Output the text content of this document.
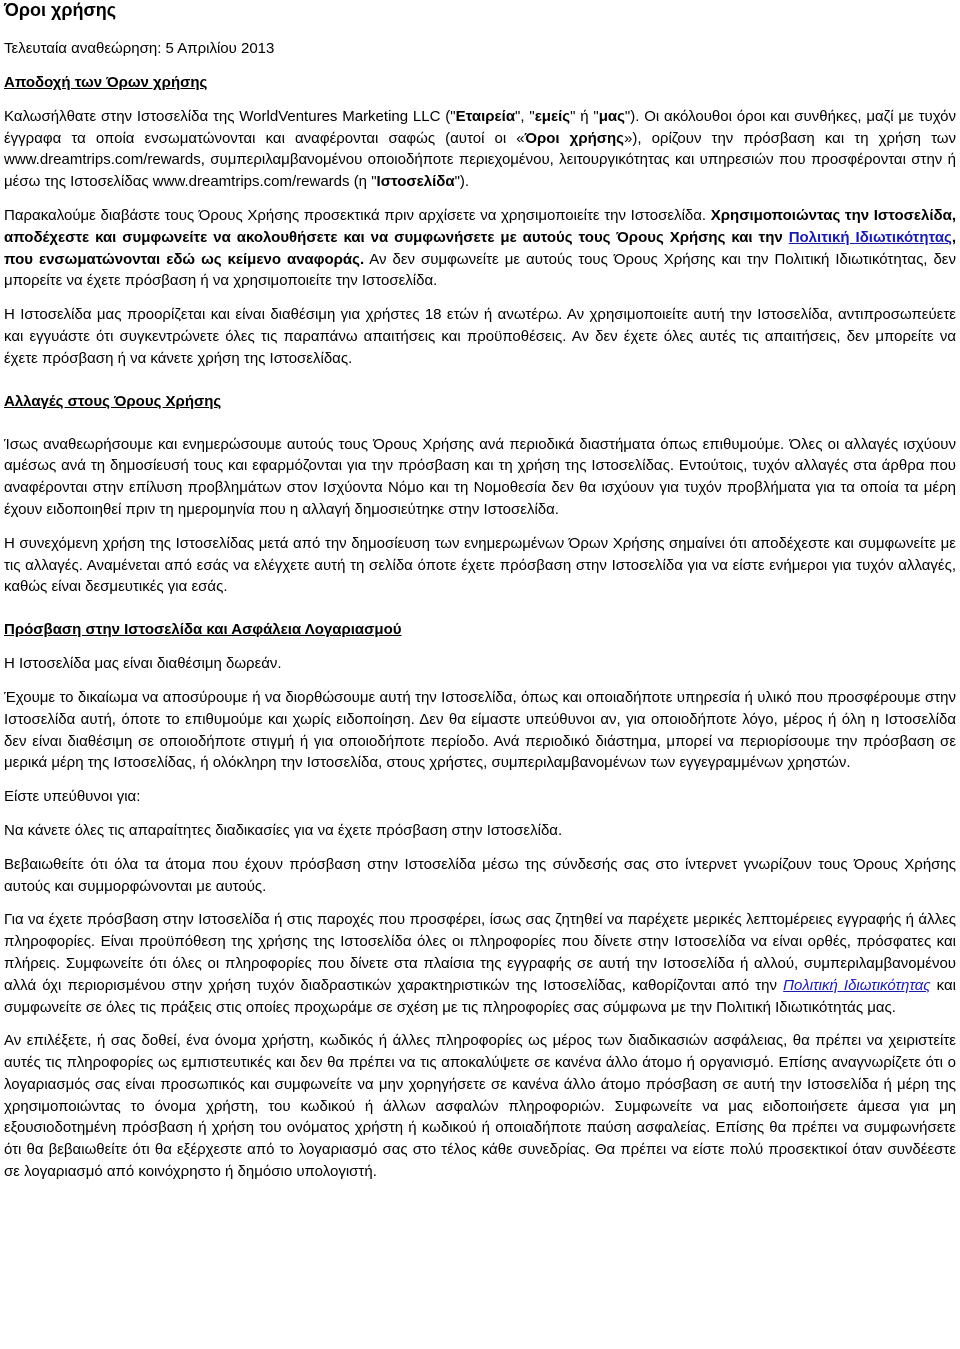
Όροι χρήσης

Τελευταία αναθεώρηση: 5 Απριλίου 2013

Αποδοχή των Όρων χρήσης

Καλωσήλθατε στην Ιστοσελίδα της WorldVentures Marketing LLC ("Εταιρεία", "εμείς" ή "μας"). Οι ακόλουθοι όροι και συνθήκες, μαζί με τυχόν έγγραφα τα οποία ενσωματώνονται και αναφέρονται σαφώς (αυτοί οι «Όροι χρήσης»), ορίζουν την πρόσβαση και τη χρήση των www.dreamtrips.com/rewards, συμπεριλαμβανομένου οποιοδήποτε περιεχομένου, λειτουργικότητας και υπηρεσιών που προσφέρονται στην ή μέσω της Ιστοσελίδας www.dreamtrips.com/rewards (η "Ιστοσελίδα").

Παρακαλούμε διαβάστε τους Όρους Χρήσης προσεκτικά πριν αρχίσετε να χρησιμοποιείτε την Ιστοσελίδα. Χρησιμοποιώντας την Ιστοσελίδα, αποδέχεστε και συμφωνείτε να ακολουθήσετε και να συμφωνήσετε με αυτούς τους Όρους Χρήσης και την Πολιτική Ιδιωτικότητας, που ενσωματώνονται εδώ ως κείμενο αναφοράς. Αν δεν συμφωνείτε με αυτούς τους Όρους Χρήσης και την Πολιτική Ιδιωτικότητας, δεν μπορείτε να έχετε πρόσβαση ή να χρησιμοποιείτε την Ιστοσελίδα.

Η Ιστοσελίδα μας προορίζεται και είναι διαθέσιμη για χρήστες 18 ετών ή ανωτέρω. Αν χρησιμοποιείτε αυτή την Ιστοσελίδα, αντιπροσωπεύετε και εγγυάστε ότι συγκεντρώνετε όλες τις παραπάνω απαιτήσεις και προϋποθέσεις. Αν δεν έχετε όλες αυτές τις απαιτήσεις, δεν μπορείτε να έχετε πρόσβαση ή να κάνετε χρήση της Ιστοσελίδας.

Αλλαγές στους Όρους Χρήσης

Ίσως αναθεωρήσουμε και ενημερώσουμε αυτούς τους Όρους Χρήσης ανά περιοδικά διαστήματα όπως επιθυμούμε. Όλες οι αλλαγές ισχύουν αμέσως ανά τη δημοσίευσή τους και εφαρμόζονται για την πρόσβαση και τη χρήση της Ιστοσελίδας. Εντούτοις, τυχόν αλλαγές στα άρθρα που αναφέρονται στην επίλυση προβλημάτων στον Ισχύοντα Νόμο και τη Νομοθεσία δεν θα ισχύουν για τυχόν προβλήματα για τα οποία τα μέρη έχουν ειδοποιηθεί πριν τη ημερομηνία που η αλλαγή δημοσιεύτηκε στην Ιστοσελίδα.

Η συνεχόμενη χρήση της Ιστοσελίδας μετά από την δημοσίευση των ενημερωμένων Όρων Χρήσης σημαίνει ότι αποδέχεστε και συμφωνείτε με τις αλλαγές. Αναμένεται από εσάς να ελέγχετε αυτή τη σελίδα όποτε έχετε πρόσβαση στην Ιστοσελίδα για να είστε ενήμεροι για τυχόν αλλαγές, καθώς είναι δεσμευτικές για εσάς.

Πρόσβαση στην Ιστοσελίδα και Ασφάλεια Λογαριασμού

Η Ιστοσελίδα μας είναι διαθέσιμη δωρεάν.

Έχουμε το δικαίωμα να αποσύρουμε ή να διορθώσουμε αυτή την Ιστοσελίδα, όπως και οποιαδήποτε υπηρεσία ή υλικό που προσφέρουμε στην Ιστοσελίδα αυτή, όποτε το επιθυμούμε και χωρίς ειδοποίηση. Δεν θα είμαστε υπεύθυνοι αν, για οποιοδήποτε λόγο, μέρος ή όλη η Ιστοσελίδα δεν είναι διαθέσιμη σε οποιοδήποτε στιγμή ή για οποιοδήποτε περίοδο. Ανά περιοδικό διάστημα, μπορεί να περιορίσουμε την πρόσβαση σε μερικά μέρη της Ιστοσελίδας, ή ολόκληρη την Ιστοσελίδα, στους χρήστες, συμπεριλαμβανομένων των εγγεγραμμένων χρηστών.

Είστε υπεύθυνοι για:

Να κάνετε όλες τις απαραίτητες διαδικασίες για να έχετε πρόσβαση στην Ιστοσελίδα.

Βεβαιωθείτε ότι όλα τα άτομα που έχουν πρόσβαση στην Ιστοσελίδα μέσω της σύνδεσής σας στο ίντερνετ γνωρίζουν τους Όρους Χρήσης αυτούς και συμμορφώνονται με αυτούς.

Για να έχετε πρόσβαση στην Ιστοσελίδα ή στις παροχές που προσφέρει, ίσως σας ζητηθεί να παρέχετε μερικές λεπτομέρειες εγγραφής ή άλλες πληροφορίες. Είναι προϋπόθεση της χρήσης της Ιστοσελίδα όλες οι πληροφορίες που δίνετε στην Ιστοσελίδα να είναι ορθές, πρόσφατες και πλήρεις. Συμφωνείτε ότι όλες οι πληροφορίες που δίνετε στα πλαίσια της εγγραφής σε αυτή την Ιστοσελίδα ή αλλού, συμπεριλαμβανομένου αλλά όχι περιορισμένου στην χρήση τυχόν διαδραστικών χαρακτηριστικών της Ιστοσελίδας, καθορίζονται από την Πολιτική Ιδιωτικότητας και συμφωνείτε σε όλες τις πράξεις στις οποίες προχωράμε σε σχέση με τις πληροφορίες σας σύμφωνα με την Πολιτική Ιδιωτικότητάς μας.

Αν επιλέξετε, ή σας δοθεί, ένα όνομα χρήστη, κωδικός ή άλλες πληροφορίες ως μέρος των διαδικασιών ασφάλειας, θα πρέπει να χειριστείτε αυτές τις πληροφορίες ως εμπιστευτικές και δεν θα πρέπει να τις αποκαλύψετε σε κανένα άλλο άτομο ή οργανισμό. Επίσης αναγνωρίζετε ότι ο λογαριασμός σας είναι προσωπικός και συμφωνείτε να μην χορηγήσετε σε κανένα άλλο άτομο πρόσβαση σε αυτή την Ιστοσελίδα ή μέρη της χρησιμοποιώντας το όνομα χρήστη, του κωδικού ή άλλων ασφαλών πληροφοριών. Συμφωνείτε να μας ειδοποιήσετε άμεσα για μη εξουσιοδοτημένη πρόσβαση ή χρήση του ονόματος χρήστη ή κωδικού ή οποιαδήποτε παύση ασφαλείας. Επίσης θα πρέπει να συμφωνήσετε ότι θα βεβαιωθείτε ότι θα εξέρχεστε από το λογαριασμό σας στο τέλος κάθε συνεδρίας. Θα πρέπει να είστε πολύ προσεκτικοί όταν συνδέεστε σε λογαριασμό από κοινόχρηστο ή δημόσιο υπολογιστή.
